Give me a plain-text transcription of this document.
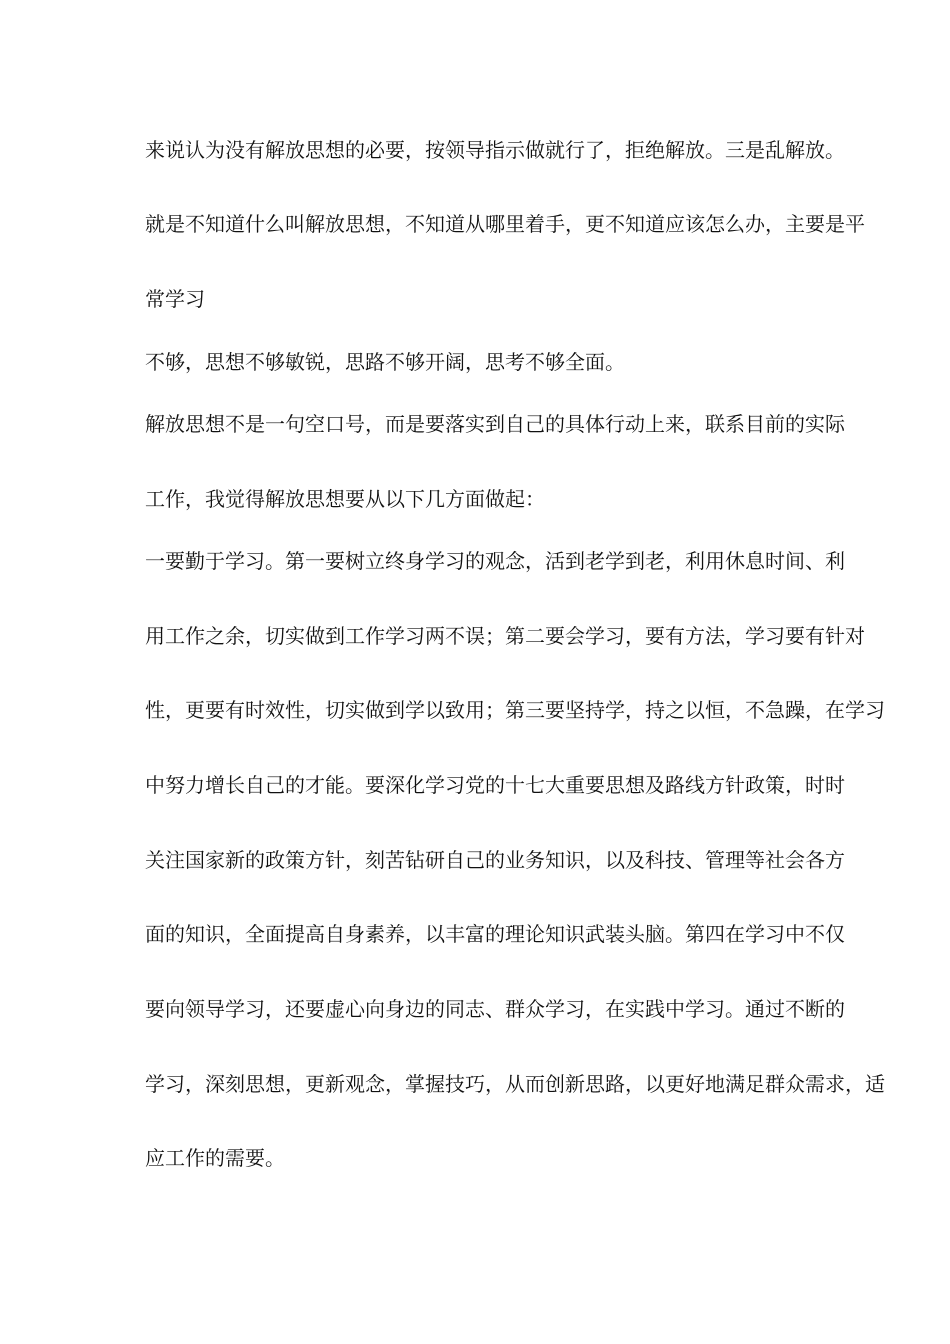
来说认为没有解放思想的必要，按领导指示做就行了，拒绝解放。三是乱解放。
就是不知道什么叫解放思想，不知道从哪里着手，更不知道应该怎么办，主要是平
常学习
不够，思想不够敏锐，思路不够开阔，思考不够全面。
解放思想不是一句空口号，而是要落实到自己的具体行动上来，联系目前的实际
工作，我觉得解放思想要从以下几方面做起：
一要勤于学习。第一要树立终身学习的观念，活到老学到老，利用休息时间、利
用工作之余，切实做到工作学习两不误；第二要会学习，要有方法，学习要有针对
性，更要有时效性，切实做到学以致用；第三要坚持学，持之以恒，不急躁，在学习
中努力增长自己的才能。要深化学习党的十七大重要思想及路线方针政策，时时
关注国家新的政策方针，刻苦钻研自己的业务知识，以及科技、管理等社会各方
面的知识，全面提高自身素养，以丰富的理论知识武装头脑。第四在学习中不仅
要向领导学习，还要虚心向身边的同志、群众学习，在实践中学习。通过不断的
学习，深刻思想，更新观念，掌握技巧，从而创新思路，以更好地满足群众需求，适
应工作的需要。
